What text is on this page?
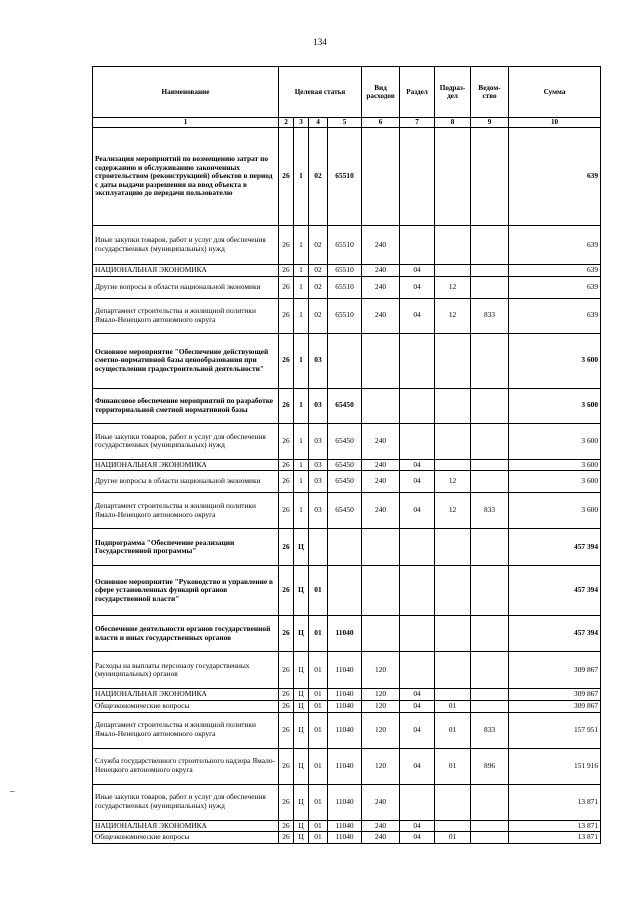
134
Наименование	Целевая статья				Вид расходов	Раздел	Подраз-дел	Ведом-ство	Сумма
1	2	3	4	5	6	7	8	9	10
Реализация мероприятий по возмещению затрат по содержанию и обслуживанию законченных строительством (реконструкцией) объектов в период с даты выдачи разрешения на ввод объекта в эксплуатацию до передачи пользователю	26	1	02	65510					639
Иные закупки товаров, работ и услуг для обеспечения государственных (муниципальных) нужд	26	1	02	65510	240				639
НАЦИОНАЛЬНАЯ ЭКОНОМИКА	26	1	02	65510	240	04			639
Другие вопросы в области национальной экономики	26	1	02	65510	240	04	12		639
Департамент строительства и жилищной политики Ямало-Ненецкого автономного округа	26	1	02	65510	240	04	12	833	639
Основное мероприятие "Обеспечение действующей сметно-нормативной базы ценообразования при осуществлении градостроительной деятельности"	26	1	03						3 600
Финансовое обеспечение мероприятий по разработке территориальной сметной нормативной базы	26	1	03	65450					3 600
Иные закупки товаров, работ и услуг для обеспечения государственных (муниципальных) нужд	26	1	03	65450	240				3 600
НАЦИОНАЛЬНАЯ ЭКОНОМИКА	26	1	03	65450	240	04			3 600
Другие вопросы в области национальной экономики	26	1	03	65450	240	04	12		3 600
Департамент строительства и жилищной политики Ямало-Ненецкого автономного округа	26	1	03	65450	240	04	12	833	3 600
Подпрограмма "Обеспечение реализации Государственной программы"	26	Ц							457 394
Основное мероприятие "Руководство и управление в сфере установленных функций органов государственной власти"	26	Ц	01						457 394
Обеспечение деятельности органов государственной власти и иных государственных органов	26	Ц	01	11040					457 394
Расходы на выплаты персоналу государственных (муниципальных) органов	26	Ц	01	11040	120				309 867
НАЦИОНАЛЬНАЯ ЭКОНОМИКА	26	Ц	01	11040	120	04			309 867
Общеэкономические вопросы	26	Ц	01	11040	120	04	01		309 867
Департамент строительства и жилищной политики Ямало-Ненецкого автономного округа	26	Ц	01	11040	120	04	01	833	157 951
Служба государственного строительного надзора Ямало-Ненецкого автономного округа	26	Ц	01	11040	120	04	01	896	151 916
Иные закупки товаров, работ и услуг для обеспечения государственных (муниципальных) нужд	26	Ц	01	11040	240				13 871
НАЦИОНАЛЬНАЯ ЭКОНОМИКА	26	Ц	01	11040	240	04			13 871
Общеэкономические вопросы	26	Ц	01	11040	240	04	01		13 871
–
